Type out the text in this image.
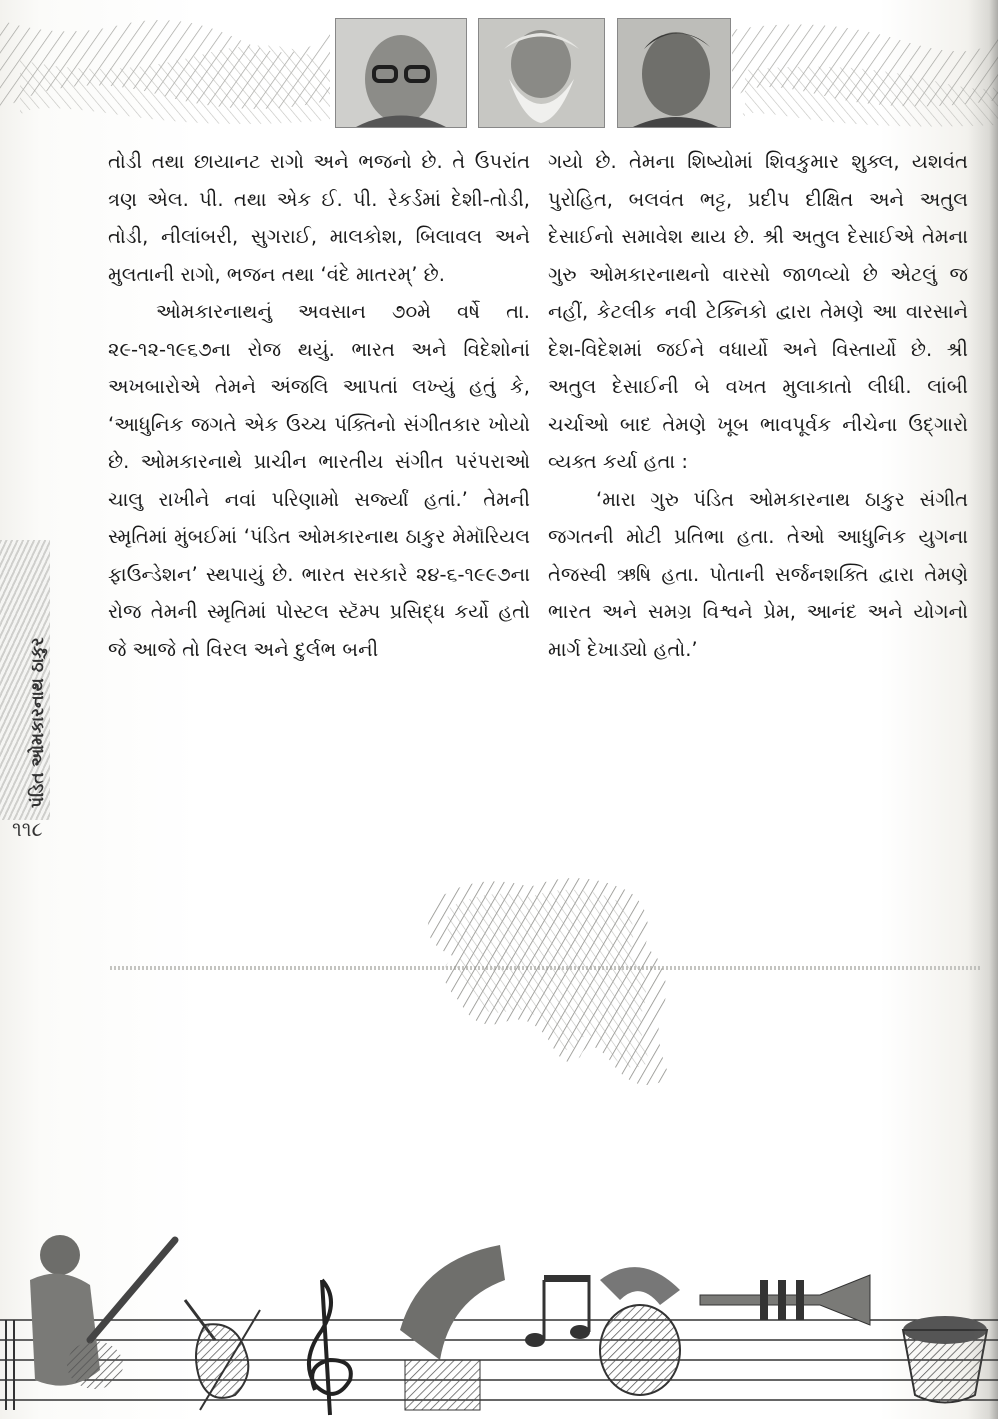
તોડી તથા છાયાનટ રાગો અને ભજનો છે. તે ઉપરાંત ત્રણ એલ. પી. તથા એક ઈ. પી. રેકર્ડમાં દેશી-તોડી, તોડી, નીલાંબરી, સુગરાઈ, માલકોશ, બિલાવલ અને મુલતાની રાગો, ભજન તથા ‘વંદે માતરમ્’ છે.

ઓમકારનાથનું અવસાન ૭૦મે વર્ષે તા. ૨૯-૧૨-૧૯૬૭ના રોજ થયું. ભારત અને વિદેશોનાં અખબારોએ તેમને અંજલિ આપતાં લખ્યું હતું કે, ‘આધુનિક જગતે એક ઉચ્ચ પંક્તિનો સંગીતકાર ખોયો છે. ઓમકારનાથે પ્રાચીન ભારતીય સંગીત પરંપરાઓ ચાલુ રાખીને નવાં પરિણામો સર્જ્યાં હતાં.’ તેમની સ્મૃતિમાં મુંબઈમાં ‘પંડિત ઓમકારનાથ ઠાકુર મેમૉરિયલ ફાઉન્ડેશન’ સ્થપાયું છે. ભારત સરકારે ૨૪-૬-૧૯૯૭ના રોજ તેમની સ્મૃતિમાં પોસ્ટલ સ્ટૅમ્પ પ્રસિદ્ધ કર્યો હતો જે આજે તો વિરલ અને દુર્લભ બની

ગયો છે. તેમના શિષ્યોમાં શિવકુમાર શુક્લ, યશવંત પુરોહિત, બલવંત ભટ્ટ, પ્રદીપ દીક્ષિત અને અતુલ દેસાઈનો સમાવેશ થાય છે. શ્રી અતુલ દેસાઈએ તેમના ગુરુ ઓમકારનાથનો વારસો જાળવ્યો છે એટલું જ નહીં, કેટલીક નવી ટેક્નિકો દ્વારા તેમણે આ વારસાને દેશ-વિદેશમાં જઈને વધાર્યો અને વિસ્તાર્યો છે. શ્રી અતુલ દેસાઈની બે વખત મુલાકાતો લીધી. લાંબી ચર્ચાઓ બાદ તેમણે ખૂબ ભાવપૂર્વક નીચેના ઉદ્‌ગારો વ્યક્ત કર્યા હતા :

‘મારા ગુરુ પંડિત ઓમકારનાથ ઠાકુર સંગીત જગતની મોટી પ્રતિભા હતા. તેઓ આધુનિક યુગના તેજસ્વી ઋષિ હતા. પોતાની સર્જનશક્તિ દ્વારા તેમણે ભારત અને સમગ્ર વિશ્વને પ્રેમ, આનંદ અને યોગનો માર્ગ દેખાડ્યો હતો.’

પંડિત ઓમકારનાથ ઠાકુર
૧૧૮
